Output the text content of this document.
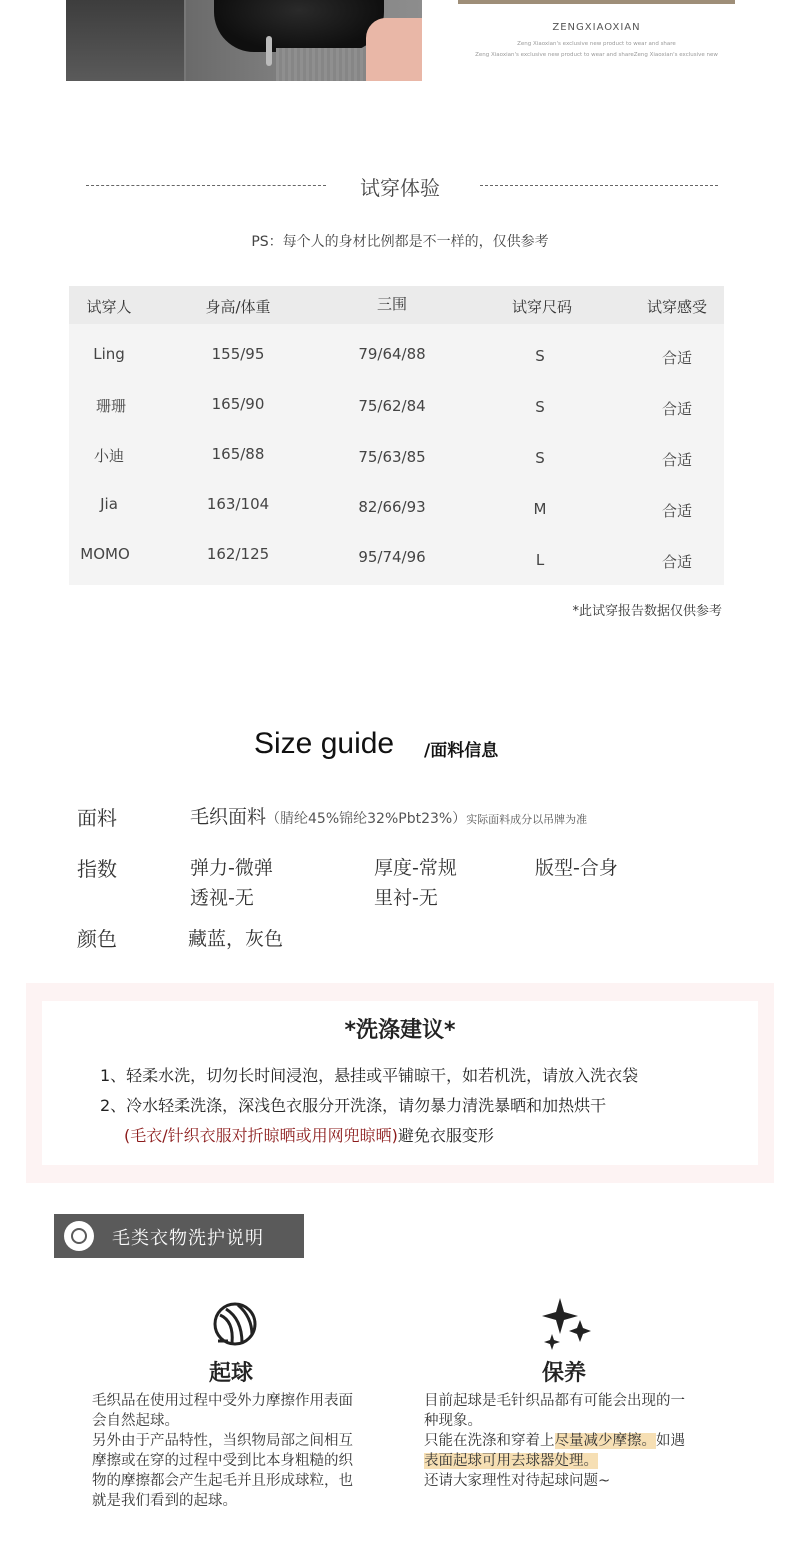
ZENGXIAOXIAN
Zeng Xiaoxian's exclusive new product to wear and share
Zeng Xiaoxian's exclusive new product to wear and shareZeng Xiaoxian's exclusive new
试穿体验
PS：每个人的身材比例都是不一样的，仅供参考
试穿人	身高/体重	三围	试穿尺码	试穿感受
Ling	155/95	79/64/88	S	合适
珊珊	165/90	75/62/84	S	合适
小迪	165/88	75/63/85	S	合适
Jia	163/104	82/66/93	M	合适
MOMO	162/125	95/74/96	L	合适
*此试穿报告数据仅供参考
Size guide /面料信息
面料	毛织面料（腈纶45%锦纶32%Pbt23%）实际面料成分以吊牌为准
指数	弹力-微弹	厚度-常规	版型-合身
透视-无	里衬-无
颜色	藏蓝，灰色
*洗涤建议*
1、轻柔水洗，切勿长时间浸泡，悬挂或平铺晾干，如若机洗，请放入洗衣袋
2、冷水轻柔洗涤，深浅色衣服分开洗涤，请勿暴力清洗暴晒和加热烘干
(毛衣/针织衣服对折晾晒或用网兜晾晒)避免衣服变形
毛类衣物洗护说明
起球
毛织品在使用过程中受外力摩擦作用表面
会自然起球。
另外由于产品特性，当织物局部之间相互
摩擦或在穿的过程中受到比本身粗糙的织
物的摩擦都会产生起毛并且形成球粒，也
就是我们看到的起球。
保养
目前起球是毛针织品都有可能会出现的一
种现象。
只能在洗涤和穿着上尽量减少摩擦。如遇
表面起球可用去球器处理。
还请大家理性对待起球问题~
